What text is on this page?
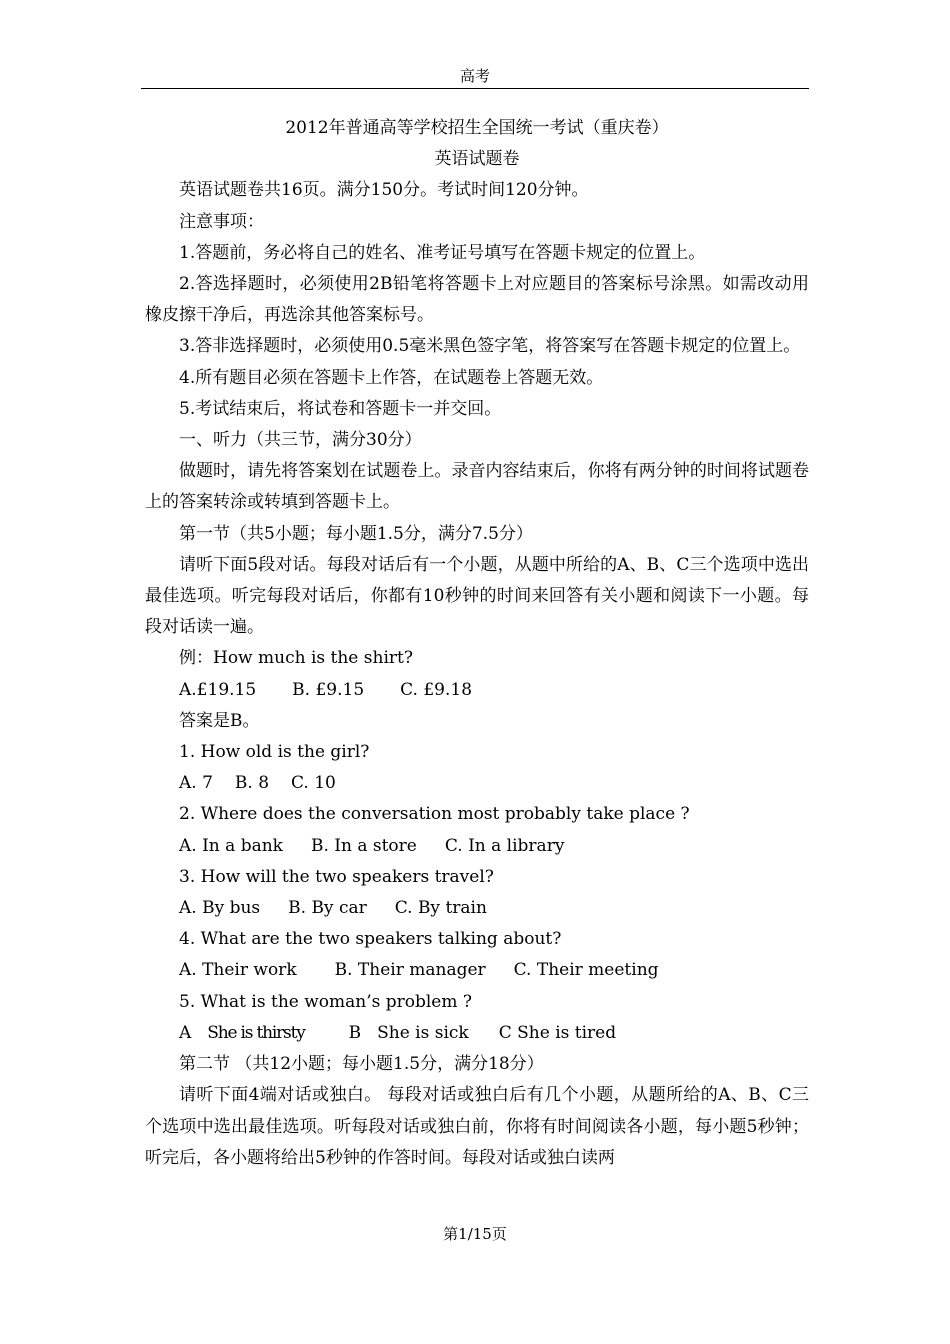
高考

2012年普通高等学校招生全国统一考试（重庆卷）

英语试题卷

英语试题卷共16页。满分150分。考试时间120分钟。

注意事项：

1.答题前，务必将自己的姓名、准考证号填写在答题卡规定的位置上。

2.答选择题时，必须使用2B铅笔将答题卡上对应题目的答案标号涂黑。如需改动用橡皮擦干净后，再选涂其他答案标号。

3.答非选择题时，必须使用0.5毫米黑色签字笔，将答案写在答题卡规定的位置上。

4.所有题目必须在答题卡上作答，在试题卷上答题无效。

5.考试结束后，将试卷和答题卡一并交回。

一、听力（共三节，满分30分）

做题时，请先将答案划在试题卷上。录音内容结束后，你将有两分钟的时间将试题卷上的答案转涂或转填到答题卡上。

第一节（共5小题；每小题1.5分，满分7.5分）

请听下面5段对话。每段对话后有一个小题，从题中所给的A、B、C三个选项中选出最佳选项。听完每段对话后，你都有10秒钟的时间来回答有关小题和阅读下一小题。每段对话读一遍。

例：How much is the shirt?

A.£19.15 B. £9.15 C. £9.18

答案是B。

1. How old is the girl?

A. 7 B. 8 C. 10

2. Where does the conversation most probably take place ?

A. In a bank B. In a store C. In a library

3. How will the two speakers travel?

A. By bus B. By car C. By train

4. What are the two speakers talking about?

A. Their work B. Their manager C. Their meeting

5. What is the woman’s problem ?

A She is thirsty	B She is sick C She is tired

第二节 （共12小题；每小题1.5分，满分18分）

请听下面4端对话或独白。 每段对话或独白后有几个小题，从题所给的A、B、C三个选项中选出最佳选项。听每段对话或独白前，你将有时间阅读各小题，每小题5秒钟；听完后，各小题将给出5秒钟的作答时间。每段对话或独白读两

第1/15页
